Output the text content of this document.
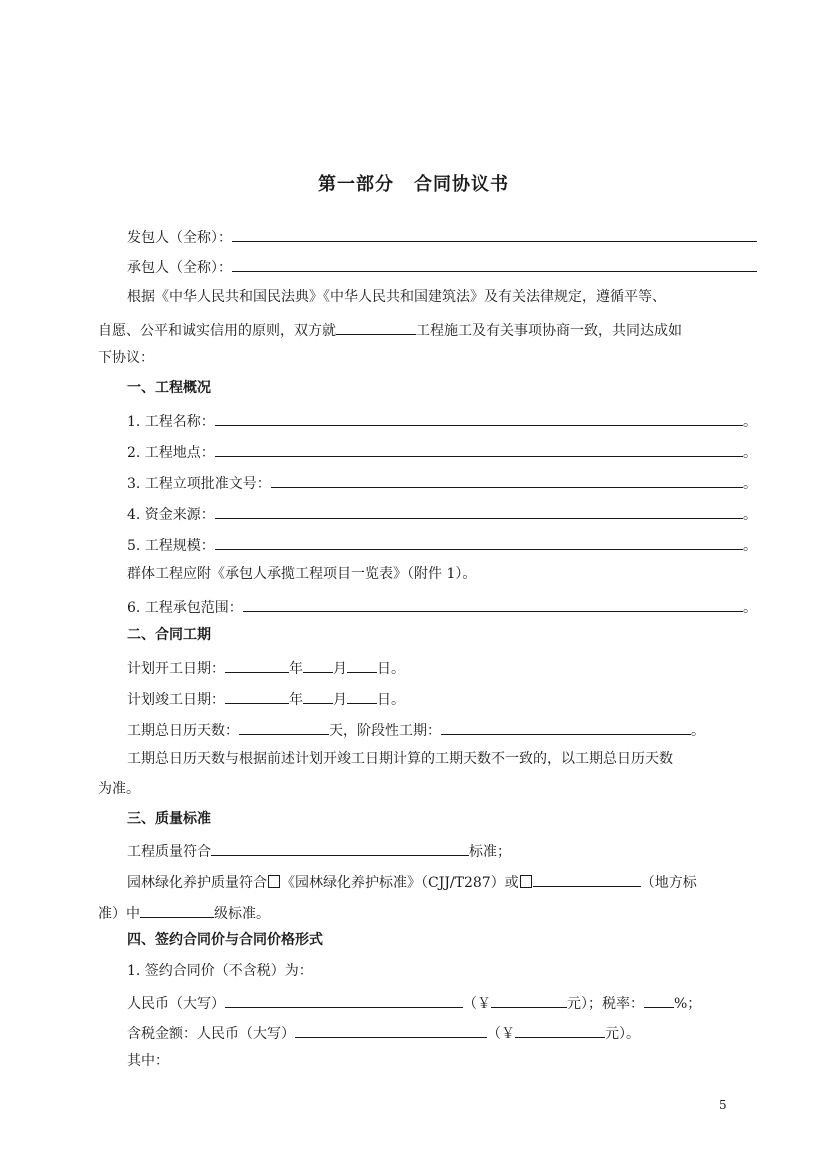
第一部分 合同协议书
发包人（全称）：
承包人（全称）：
根据《中华人民共和国民法典》《中华人民共和国建筑法》及有关法律规定，遵循平等、
自愿、公平和诚实信用的原则，双方就	工程施工及有关事项协商一致，共同达成如
下协议：
一、工程概况
1. 工程名称：	。
2. 工程地点：	。
3. 工程立项批准文号：	。
4. 资金来源：	。
5. 工程规模：	。
群体工程应附《承包人承揽工程项目一览表》（附件 1）。
6. 工程承包范围：	。
二、合同工期
计划开工日期：	年 月 日。
计划竣工日期：	年 月 日。
工期总日历天数：	天，阶段性工期：	。
工期总日历天数与根据前述计划开竣工日期计算的工期天数不一致的，以工期总日历天数
为准。
三、质量标准
工程质量符合	标准；
园林绿化养护质量符合 《园林绿化养护标准》（CJJ/T287）或	（地方标
准）中	级标准。
四、签约合同价与合同价格形式
1. 签约合同价（不含税）为：
人民币（大写）	（￥	元）；税率： %；
含税金额：人民币（大写）	（￥	元）。
其中：
5
